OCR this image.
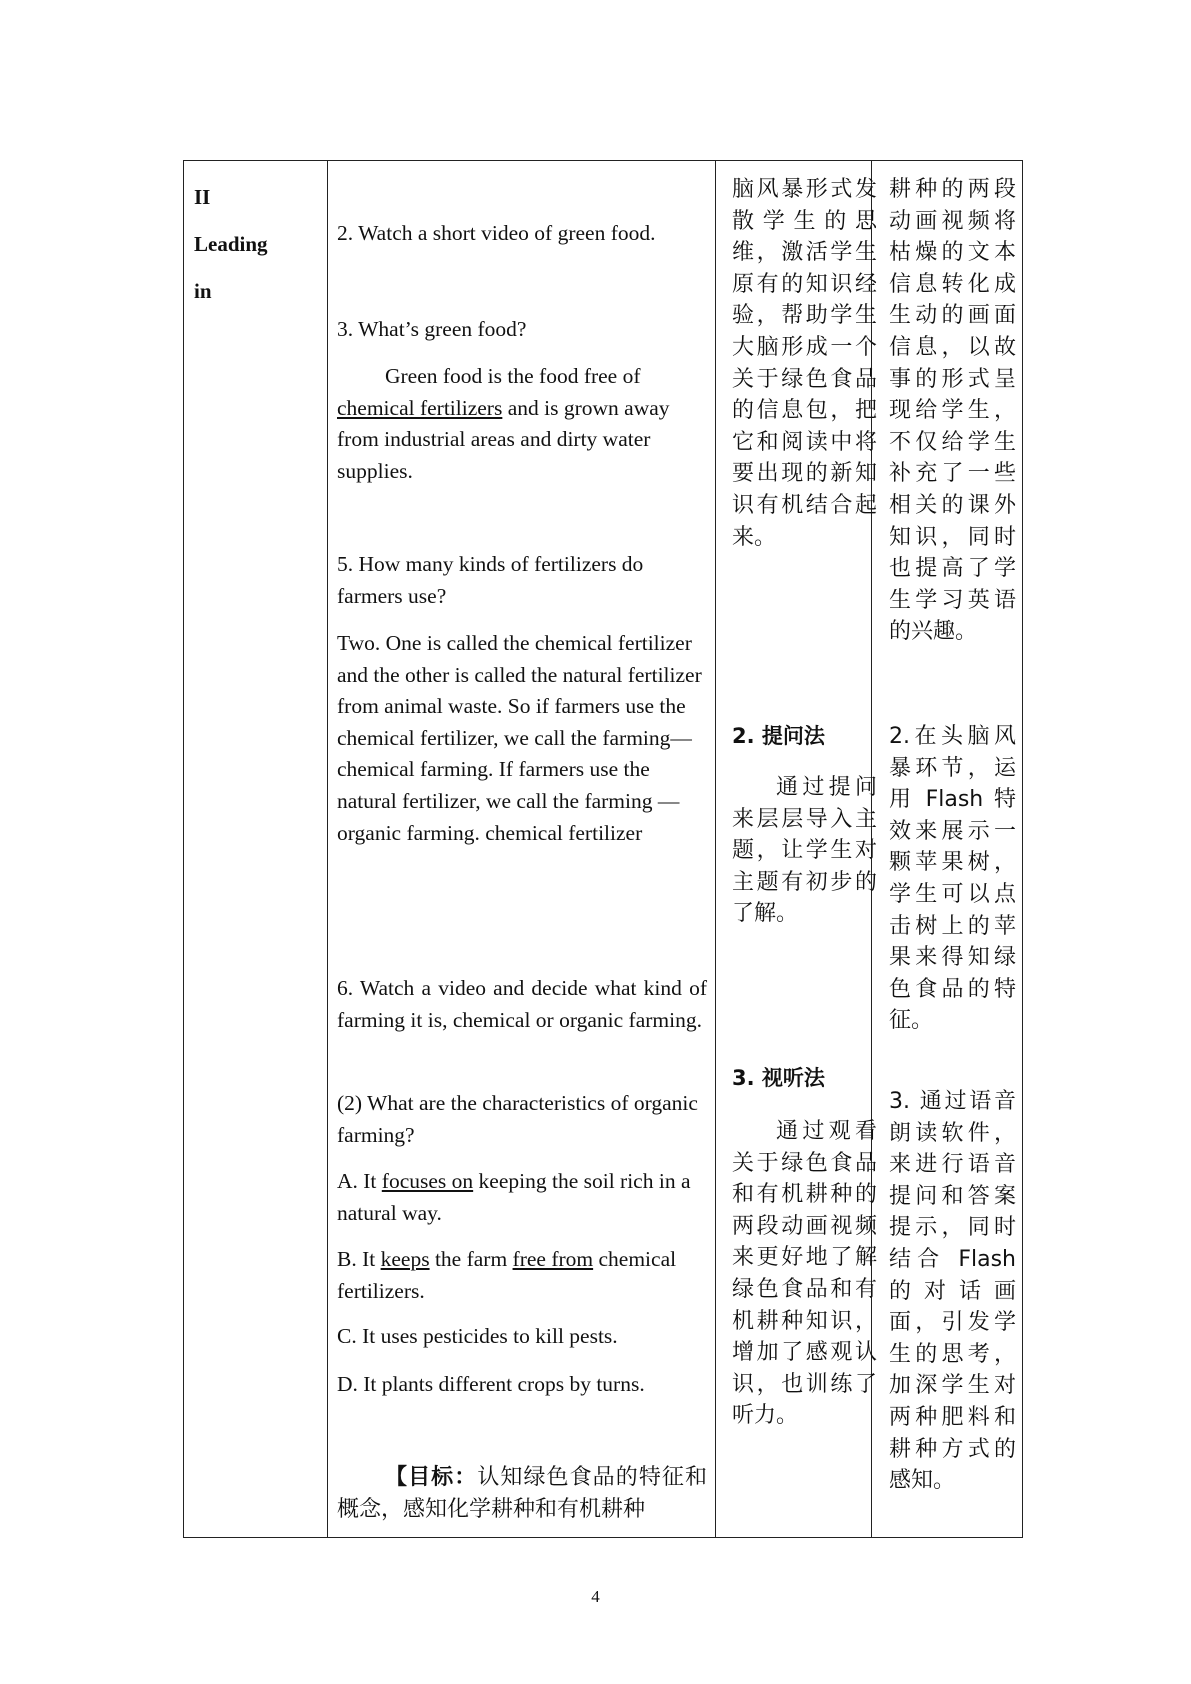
II
Leading
in
2. Watch a short video of green food.
3. What’s green food?
Green food is the food free of chemical fertilizers and is grown away from industrial areas and dirty water supplies.
5. How many kinds of fertilizers do farmers use?
Two. One is called the chemical fertilizer and the other is called the natural fertilizer from animal waste. So if farmers use the chemical fertilizer, we call the farming—chemical farming. If farmers use the natural fertilizer, we call the farming —organic farming. chemical fertilizer
6. Watch a video and decide what kind of farming it is, chemical or organic farming.
(2) What are the characteristics of organic farming?
A. It focuses on keeping the soil rich in a natural way.
B. It keeps the farm free from chemical fertilizers.
C. It uses pesticides to kill pests.
D. It plants different crops by turns.
【目标：认知绿色食品的特征和概念，感知化学耕种和有机耕种
脑风暴形式发散学生的思维，激活学生原有的知识经验，帮助学生大脑形成一个关于绿色食品的信息包，把它和阅读中将要出现的新知识有机结合起来。
2. 提问法
通过提问来层层导入主题，让学生对主题有初步的了解。
3. 视听法
通过观看关于绿色食品和有机耕种的两段动画视频来更好地了解绿色食品和有机耕种知识，增加了感观认识，也训练了听力。
耕种的两段动画视频将枯燥的文本信息转化成生动的画面信息，以故事的形式呈现给学生，不仅给学生补充了一些相关的课外知识，同时也提高了学生学习英语的兴趣。
2.在头脑风暴环节，运用 Flash 特效来展示一颗苹果树，学生可以点击树上的苹果来得知绿色食品的特征。
3. 通过语音朗读软件，来进行语音提问和答案提示，同时结合 Flash 的对话画面，引发学生的思考，加深学生对两种肥料和耕种方式的感知。
4
